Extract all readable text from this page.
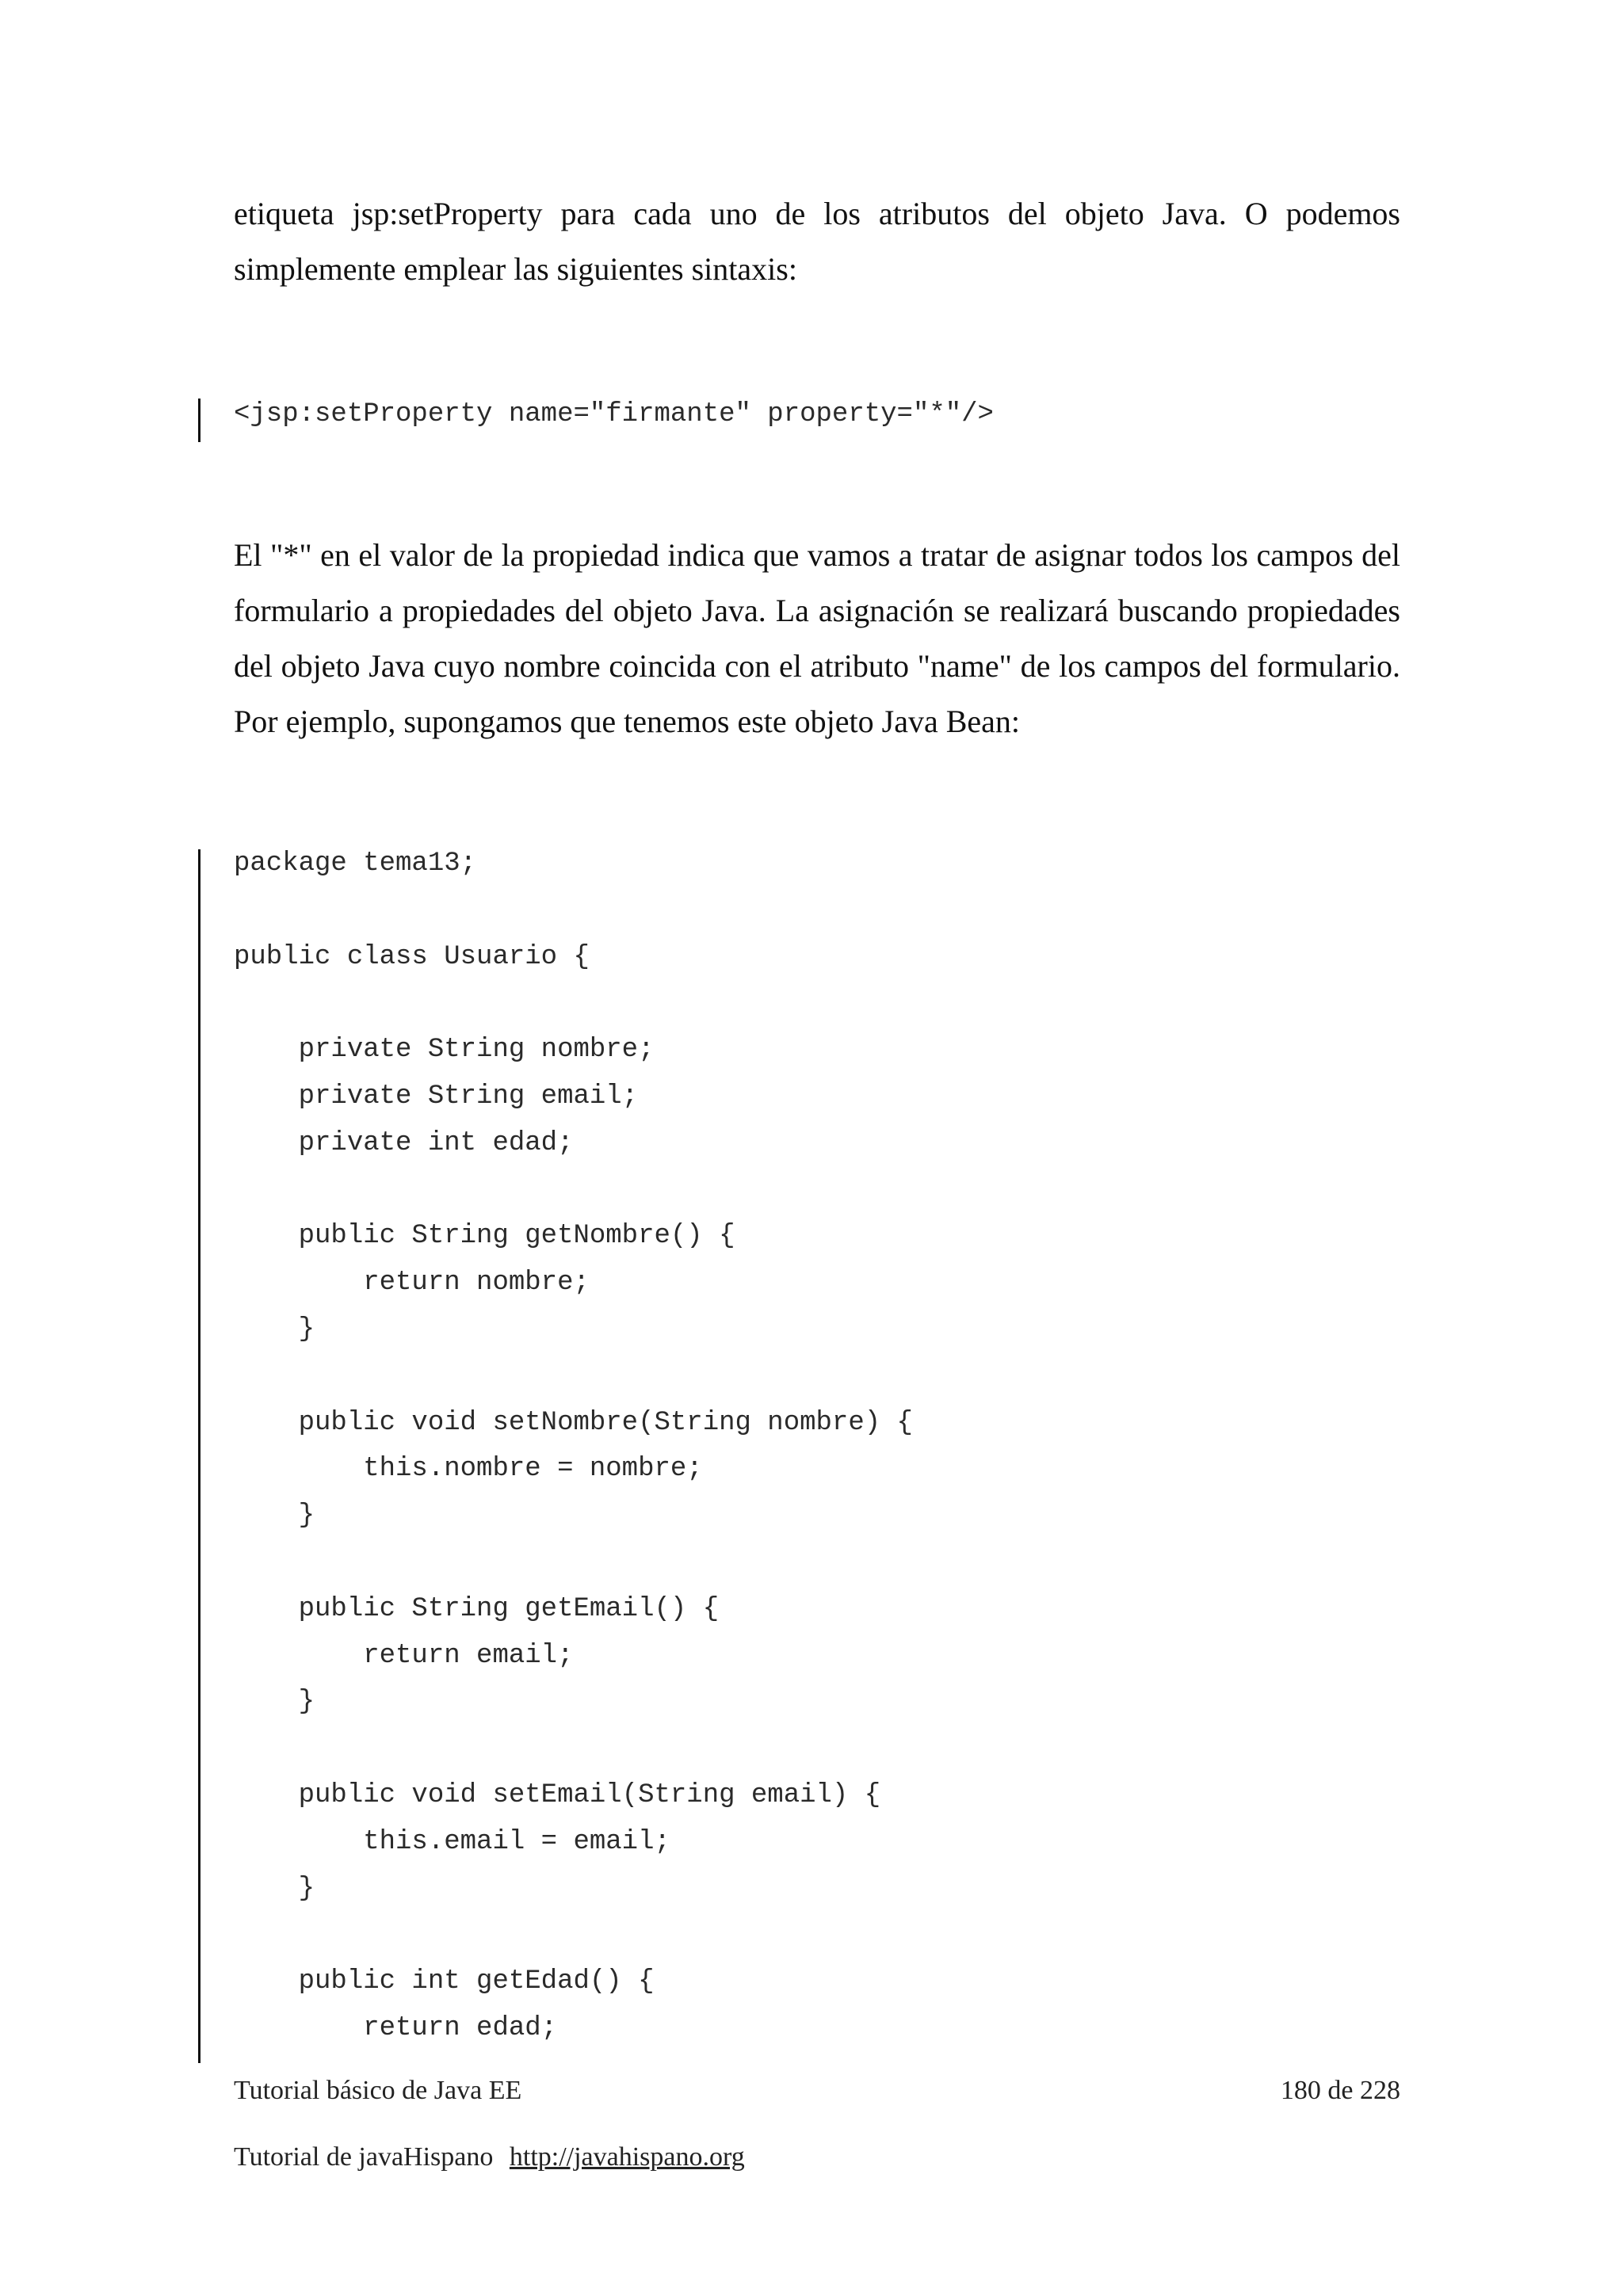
etiqueta jsp:setProperty para cada uno de los atributos del objeto Java. O podemos simplemente emplear las siguientes sintaxis:

<jsp:setProperty name="firmante" property="*"/>

El "*" en el valor de la propiedad indica que vamos a tratar de asignar todos los campos del formulario a propiedades del objeto Java. La asignación se realizará buscando propiedades del objeto Java cuyo nombre coincida con el atributo "name" de los campos del formulario. Por ejemplo, supongamos que tenemos este objeto Java Bean:

package tema13;

public class Usuario {

private String nombre;
private String email;
private int edad;

public String getNombre() {
return nombre;
}

public void setNombre(String nombre) {
this.nombre = nombre;
}

public String getEmail() {
return email;
}

public void setEmail(String email) {
this.email = email;
}

public int getEdad() {
return edad;
Tutorial básico de Java EE	180 de 228
Tutorial de javaHispano http://javahispano.org
